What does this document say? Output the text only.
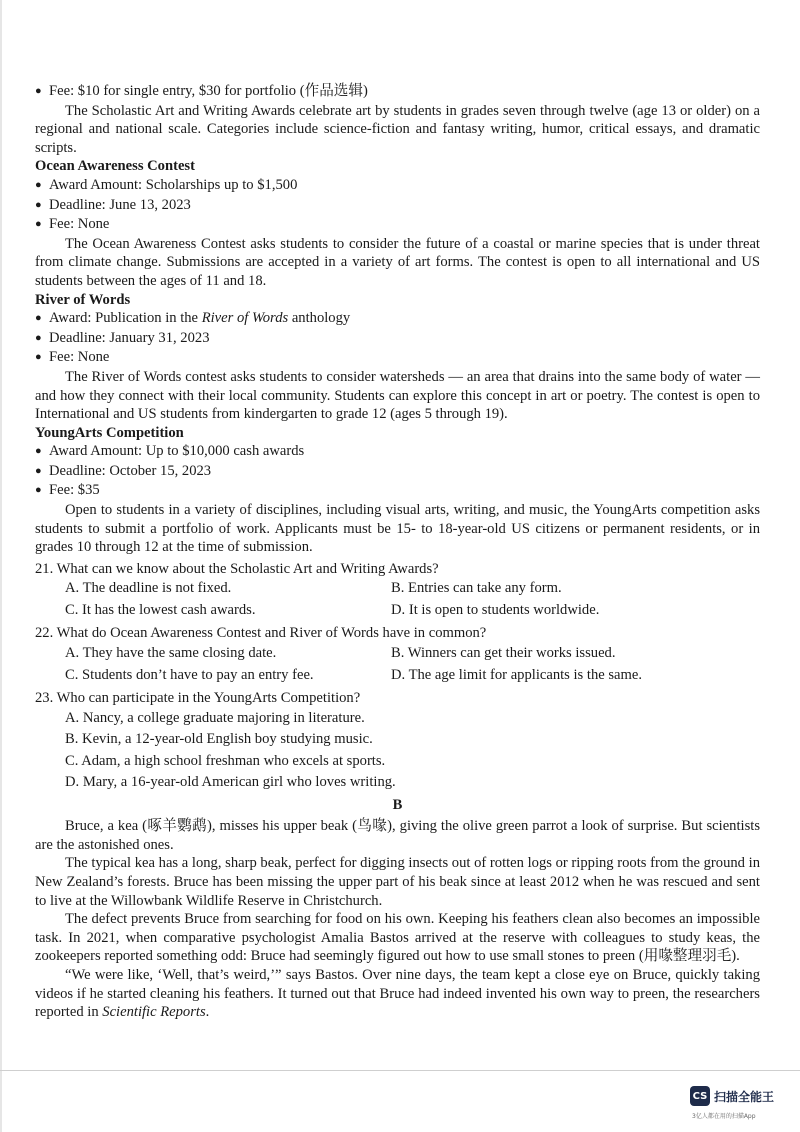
● Fee: $10 for single entry, $30 for portfolio (作品选辑)

The Scholastic Art and Writing Awards celebrate art by students in grades seven through twelve (age 13 or older) on a regional and national scale. Categories include science-fiction and fantasy writing, humor, critical essays, and dramatic scripts.

Ocean Awareness Contest
● Award Amount: Scholarships up to $1,500
● Deadline: June 13, 2023
● Fee: None

The Ocean Awareness Contest asks students to consider the future of a coastal or marine species that is under threat from climate change. Submissions are accepted in a variety of art forms. The contest is open to all international and US students between the ages of 11 and 18.

River of Words
● Award: Publication in the River of Words anthology
● Deadline: January 31, 2023
● Fee: None

The River of Words contest asks students to consider watersheds — an area that drains into the same body of water — and how they connect with their local community. Students can explore this concept in art or poetry. The contest is open to International and US students from kindergarten to grade 12 (ages 5 through 19).

YoungArts Competition
● Award Amount: Up to $10,000 cash awards
● Deadline: October 15, 2023
● Fee: $35

Open to students in a variety of disciplines, including visual arts, writing, and music, the YoungArts competition asks students to submit a portfolio of work. Applicants must be 15- to 18-year-old US citizens or permanent residents, or in grades 10 through 12 at the time of submission.

21. What can we know about the Scholastic Art and Writing Awards?
A. The deadline is not fixed.	B. Entries can take any form.
C. It has the lowest cash awards.	D. It is open to students worldwide.
22. What do Ocean Awareness Contest and River of Words have in common?
A. They have the same closing date.	B. Winners can get their works issued.
C. Students don’t have to pay an entry fee.	D. The age limit for applicants is the same.
23. Who can participate in the YoungArts Competition?
A. Nancy, a college graduate majoring in literature.
B. Kevin, a 12-year-old English boy studying music.
C. Adam, a high school freshman who excels at sports.
D. Mary, a 16-year-old American girl who loves writing.
B

Bruce, a kea (啄羊鹦鹉), misses his upper beak (鸟喙), giving the olive green parrot a look of surprise. But scientists are the astonished ones.

The typical kea has a long, sharp beak, perfect for digging insects out of rotten logs or ripping roots from the ground in New Zealand’s forests. Bruce has been missing the upper part of his beak since at least 2012 when he was rescued and sent to live at the Willowbank Wildlife Reserve in Christchurch.

The defect prevents Bruce from searching for food on his own. Keeping his feathers clean also becomes an impossible task. In 2021, when comparative psychologist Amalia Bastos arrived at the reserve with colleagues to study keas, the zookeepers reported something odd: Bruce had seemingly figured out how to use small stones to preen (用喙整理羽毛).

“We were like, ‘Well, that’s weird,’” says Bastos. Over nine days, the team kept a close eye on Bruce, quickly taking videos if he started cleaning his feathers. It turned out that Bruce had indeed invented his own way to preen, the researchers reported in Scientific Reports.

CS 扫描全能王
3亿人都在用的扫描App
